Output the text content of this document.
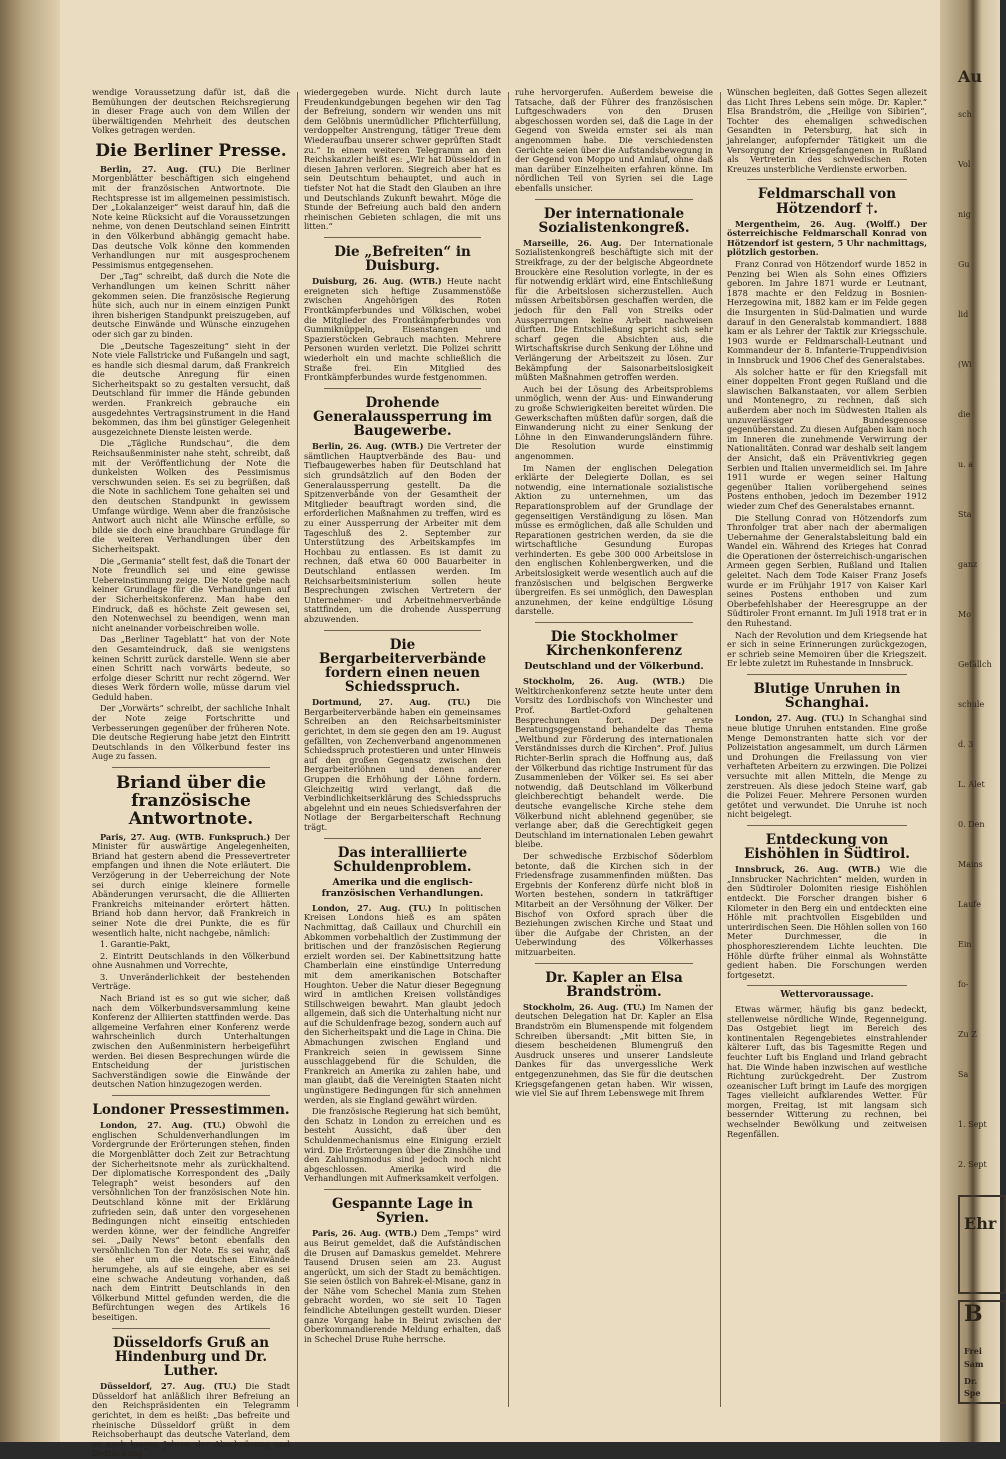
wendige Voraussetzung dafür ist, daß die Bemühungen der deutschen Reichsregierung in dieser Frage auch von dem Willen der überwältigenden Mehrheit des deutschen Volkes getragen werden.

Die Berliner Presse.

Berlin, 27. Aug. (TU.) Die Berliner Morgenblätter beschäftigen sich eingehend mit der französischen Antwortnote. Die Rechtspresse ist im allgemeinen pessimistisch. Der „Lokalanzeiger“ weist darauf hin, daß die Note keine Rücksicht auf die Voraussetzungen nehme, von denen Deutschland seinen Eintritt in den Völkerbund abhängig gemacht habe. Das deutsche Volk könne den kommenden Verhandlungen nur mit ausgesprochenem Pessimismus entgegensehen.

Der „Tag“ schreibt, daß durch die Note die Verhandlungen um keinen Schritt näher gekommen seien. Die französische Regierung hüte sich, auch nur in einem einzigen Punkt ihren bisherigen Standpunkt preiszugeben, auf deutsche Einwände und Wünsche einzugehen oder sich gar zu binden.

Die „Deutsche Tageszeitung“ sieht in der Note viele Fallstricke und Fußangeln und sagt, es handle sich diesmal darum, daß Frankreich die deutsche Anregung für einen Sicherheitspakt so zu gestalten versucht, daß Deutschland für immer die Hände gebunden werden. Frankreich gebrauche ein ausgedehntes Vertragsinstrument in die Hand bekommen, das ihm bei günstiger Gelegenheit ausgezeichnete Dienste leisten werde.

Die „Tägliche Rundschau“, die dem Reichsaußenminister nahe steht, schreibt, daß mit der Veröffentlichung der Note die dunkelsten Wolken des Pessimismus verschwunden seien. Es sei zu begrüßen, daß die Note in sachlichem Tone gehalten sei und den deutschen Standpunkt in gewissem Umfange würdige. Wenn aber die französische Antwort auch nicht alle Wünsche erfülle, so bilde sie doch eine brauchbare Grundlage für die weiteren Verhandlungen über den Sicherheitspakt.

Die „Germania“ stellt fest, daß die Tonart der Note freundlich sei und eine gewisse Uebereinstimmung zeige. Die Note gebe nach keiner Grundlage für die Verhandlungen auf der Sicherheitskonferenz. Man habe den Eindruck, daß es höchste Zeit gewesen sei, den Notenwechsel zu beendigen, wenn man nicht aneinander vorbeischreiben wolle.

Das „Berliner Tageblatt“ hat von der Note den Gesamteindruck, daß sie wenigstens keinen Schritt zurück darstelle. Wenn sie aber einen Schritt nach vorwärts bedeute, so erfolge dieser Schritt nur recht zögernd. Wer dieses Werk fördern wolle, müsse darum viel Geduld haben.

Der „Vorwärts“ schreibt, der sachliche Inhalt der Note zeige Fortschritte und Verbesserungen gegenüber der früheren Note. Die deutsche Regierung habe jetzt den Eintritt Deutschlands in den Völkerbund fester ins Auge zu fassen.

Briand über die französische Antwortnote.

Paris, 27. Aug. (WTB. Funkspruch.) Der Minister für auswärtige Angelegenheiten, Briand hat gestern abend die Pressevertreter empfangen und ihnen die Note erläutert. Die Verzögerung in der Ueberreichung der Note sei durch einige kleinere formelle Abänderungen verursacht, die die Alliierten Frankreichs miteinander erörtert hätten. Briand hob dann hervor, daß Frankreich in seiner Note die drei Punkte, die es für wesentlich halte, nicht nachgebe, nämlich:

1. Garantie-Pakt,

2. Eintritt Deutschlands in den Völkerbund ohne Ausnahmen und Vorrechte,

3. Unveränderlichkeit der bestehenden Verträge.

Nach Briand ist es so gut wie sicher, daß nach dem Völkerbundsversammlung keine Konferenz der Alliierten stattfinden werde. Das allgemeine Verfahren einer Konferenz werde wahrscheinlich durch Unterhaltungen zwischen den Außenministern herbeigeführt werden. Bei diesen Besprechungen würde die Entscheidung der juristischen Sachverständigen sowie die Einwände der deutschen Nation hinzugezogen werden.

Londoner Pressestimmen.

London, 27. Aug. (TU.) Obwohl die englischen Schuldenverhandlungen im Vordergrunde der Erörterungen stehen, finden die Morgenblätter doch Zeit zur Betrachtung der Sicherheitsnote mehr als zurückhaltend. Der diplomatische Korrespondent des „Daily Telegraph“ weist besonders auf den versöhnlichen Ton der französischen Note hin. Deutschland könne mit der Erklärung zufrieden sein, daß unter den vorgesehenen Bedingungen nicht einseitig entschieden werden könne, wer der feindliche Angreifer sei. „Daily News“ betont ebenfalls den versöhnlichen Ton der Note. Es sei wahr, daß sie eher um die deutschen Einwände herumgehe, als auf sie eingehe, aber es sei eine schwache Andeutung vorhanden, daß nach dem Eintritt Deutschlands in den Völkerbund Mittel gefunden werden, die die Befürchtungen wegen des Artikels 16 beseitigen.

Düsseldorfs Gruß an Hindenburg und Dr. Luther.

Düsseldorf, 27. Aug. (TU.) Die Stadt Düsseldorf hat anläßlich ihrer Befreiung an den Reichspräsidenten ein Telegramm gerichtet, in dem es heißt: „Das befreite und rheinische Düsseldorf grüßt in dem Reichsoberhaupt das deutsche Vaterland, dem es nach langen Jahren der Abschnürung und Bedrückung

wiedergegeben wurde. Nicht durch laute Freudenkundgebungen begehen wir den Tag der Befreiung, sondern wir wenden uns mit dem Gelöbnis unermüdlicher Pflichterfüllung, verdoppelter Anstrengung, tätiger Treue dem Wiederaufbau unserer schwer geprüften Stadt zu.“ In einem weiteren Telegramm an den Reichskanzler heißt es: „Wir hat Düsseldorf in diesen Jahren verloren. Siegreich aber hat es sein Deutschtum behauptet, und auch in tiefster Not hat die Stadt den Glauben an ihre und Deutschlands Zukunft bewahrt. Möge die Stunde der Befreiung auch bald den andern rheinischen Gebieten schlagen, die mit uns litten.“

Die „Befreiten“ in Duisburg.

Duisburg, 26. Aug. (WTB.) Heute nacht ereigneten sich heftige Zusammenstöße zwischen Angehörigen des Roten Frontkämpferbundes und Völkischen, wobei die Mitglieder des Frontkämpferbundes von Gummiknüppeln, Eisenstangen und Spazierstöcken Gebrauch machten. Mehrere Personen wurden verletzt. Die Polizei schritt wiederholt ein und machte schließlich die Straße frei. Ein Mitglied des Frontkämpferbundes wurde festgenommen.

Drohende Generalaussperrung im Baugewerbe.

Berlin, 26. Aug. (WTB.) Die Vertreter der sämtlichen Hauptverbände des Bau- und Tiefbaugewerbes haben für Deutschland hat sich grundsätzlich auf den Boden der Generalaussperrung gestellt. Da die Spitzenverbände von der Gesamtheit der Mitglieder beauftragt worden sind, die erforderlichen Maßnahmen zu treffen, wird es zu einer Aussperrung der Arbeiter mit dem Tageschluß des 2. September zur Unterstützung des Arbeitskampfes im Hochbau zu entlassen. Es ist damit zu rechnen, daß etwa 60 000 Bauarbeiter in Deutschland entlassen werden. Im Reichsarbeitsministerium sollen heute Besprechungen zwischen Vertretern der Unternehmer- und Arbeitnehmerverbände stattfinden, um die drohende Aussperrung abzuwenden.

Die Bergarbeiterverbände fordern einen neuen Schiedsspruch.

Dortmund, 27. Aug. (TU.) Die Bergarbeiterverbände haben ein gemeinsames Schreiben an den Reichsarbeitsminister gerichtet, in dem sie gegen den am 19. August gefällten, von Zechenverband angenommenen Schiedsspruch protestieren und unter Hinweis auf den großen Gegensatz zwischen den Bergarbeiterlöhnen und denen anderer Gruppen die Erhöhung der Löhne fordern. Gleichzeitig wird verlangt, daß die Verbindlichkeitserklärung des Schiedsspruchs abgelehnt und ein neues Schiedsverfahren der Notlage der Bergarbeiterschaft Rechnung trägt.

Das interalliierte Schuldenproblem.
Amerika und die englisch-französischen Verhandlungen.

London, 27. Aug. (TU.) In politischen Kreisen Londons hieß es am späten Nachmittag, daß Caillaux und Churchill ein Abkommen vorbehaltlich der Zustimmung der britischen und der französischen Regierung erzielt worden sei. Der Kabinettsitzung hatte Chamberlain eine einstündige Unterredung mit dem amerikanischen Botschafter Houghton. Ueber die Natur dieser Begegnung wird in amtlichen Kreisen vollständiges Stillschweigen bewahrt. Man glaubt jedoch allgemein, daß sich die Unterhaltung nicht nur auf die Schuldenfrage bezog, sondern auch auf den Sicherheitspakt und die Lage in China. Die Abmachungen zwischen England und Frankreich seien in gewissem Sinne ausschlaggebend für die Schulden, die Frankreich an Amerika zu zahlen habe, und man glaubt, daß die Vereinigten Staaten nicht ungünstigere Bedingungen für sich annehmen werden, als sie England gewährt würden.

Die französische Regierung hat sich bemüht, den Schatz in London zu erreichen und es besteht Aussicht, daß über den Schuldenmechanismus eine Einigung erzielt wird. Die Erörterungen über die Zinshöhe und den Zahlungsmodus sind jedoch noch nicht abgeschlossen. Amerika wird die Verhandlungen mit Aufmerksamkeit verfolgen.

Gespannte Lage in Syrien.

Paris, 26. Aug. (WTB.) Dem „Temps“ wird aus Beirut gemeldet, daß die Aufständischen die Drusen auf Damaskus gemeldet. Mehrere Tausend Drusen seien am 23. August angerückt, um sich der Stadt zu bemächtigen. Sie seien östlich von Bahrek-el-Misane, ganz in der Nähe vom Schechel Mania zum Stehen gebracht worden, wo sie seit 10 Tagen feindliche Abteilungen gestellt wurden. Dieser ganze Vorgang habe in Beirut zwischen der Oberkommandierende Meldung erhalten, daß in Schechel Druse Ruhe herrsche.

ruhe hervorgerufen. Außerdem beweise die Tatsache, daß der Führer des französischen Luftgeschwaders von den Drusen abgeschossen worden sei, daß die Lage in der Gegend von Sweida ernster sei als man angenommen habe. Die verschiedensten Gerüchte seien über die Aufstandsbewegung in der Gegend von Moppo und Amlauf, ohne daß man darüber Einzelheiten erfahren könne. Im nördlichen Teil von Syrien sei die Lage ebenfalls unsicher.

Der internationale Sozialistenkongreß.

Marseille, 26. Aug. Der Internationale Sozialistenkongreß beschäftigte sich mit der Streikfrage, zu der der belgische Abgeordnete Brouckère eine Resolution vorlegte, in der es für notwendig erklärt wird, eine Entschließung für die Arbeitslosen sicherzustellen. Auch müssen Arbeitsbörsen geschaffen werden, die jedoch für den Fall von Streiks oder Aussperrungen keine Arbeit nachweisen dürften. Die Entschließung spricht sich sehr scharf gegen die Absichten aus, die Wirtschaftskrise durch Senkung der Löhne und Verlängerung der Arbeitszeit zu lösen. Zur Bekämpfung der Saisonarbeitslosigkeit müßten Maßnahmen getroffen werden.

Auch bei der Lösung des Arbeitsproblems unmöglich, wenn der Aus- und Einwanderung zu große Schwierigkeiten bereitet würden. Die Gewerkschaften müßten dafür sorgen, daß die Einwanderung nicht zu einer Senkung der Löhne in den Einwanderungsländern führe. Die Resolution wurde einstimmig angenommen.

Im Namen der englischen Delegation erklärte der Delegierte Dollan, es sei notwendig, eine internationale sozialistische Aktion zu unternehmen, um das Reparationsproblem auf der Grundlage der gegenseitigen Verständigung zu lösen. Man müsse es ermöglichen, daß alle Schulden und Reparationen gestrichen werden, da sie die wirtschaftliche Gesundung Europas verhinderten. Es gebe 300 000 Arbeitslose in den englischen Kohlenbergwerken, und die Arbeitslosigkeit werde wesentlich auch auf die französischen und belgischen Bergwerke übergreifen. Es sei unmöglich, den Dawesplan anzunehmen, der keine endgültige Lösung darstelle.

Die Stockholmer Kirchenkonferenz
Deutschland und der Völkerbund.

Stockholm, 26. Aug. (WTB.) Die Weltkirchenkonferenz setzte heute unter dem Vorsitz des Lordbischofs von Winchester und Prof. Bartlet-Oxford gehaltenen Besprechungen fort. Der erste Beratungsgegenstand behandelte das Thema „Weltbund zur Förderung des internationalen Verständnisses durch die Kirchen“. Prof. Julius Richter-Berlin sprach die Hoffnung aus, daß der Völkerbund das richtige Instrument für das Zusammenleben der Völker sei. Es sei aber notwendig, daß Deutschland im Völkerbund gleichberechtigt behandelt werde. Die deutsche evangelische Kirche stehe dem Völkerbund nicht ablehnend gegenüber, sie verlange aber, daß die Gerechtigkeit gegen Deutschland im internationalen Leben gewahrt bleibe.

Der schwedische Erzbischof Söderblom betonte, daß die Kirchen sich in der Friedensfrage zusammenfinden müßten. Das Ergebnis der Konferenz dürfe nicht bloß in Worten bestehen, sondern in tatkräftiger Mitarbeit an der Versöhnung der Völker. Der Bischof von Oxford sprach über die Beziehungen zwischen Kirche und Staat und über die Aufgabe der Christen, an der Ueberwindung des Völkerhasses mitzuarbeiten.

Dr. Kapler an Elsa Brandström.

Stockholm, 26. Aug. (TU.) Im Namen der deutschen Delegation hat Dr. Kapler an Elsa Brandström ein Blumenspende mit folgendem Schreiben übersandt: „Mit bitten Sie, in diesem bescheidenen Blumengruß den Ausdruck unseres und unserer Landsleute Dankes für das unvergessliche Werk entgegenzunehmen, das Sie für die deutschen Kriegsgefangenen getan haben. Wir wissen, wie viel Sie auf Ihrem Lebenswege mit Ihrem

Wünschen begleiten, daß Gottes Segen allezeit das Licht Ihres Lebens sein möge. Dr. Kapler.“ Elsa Brandström, die „Heilige von Sibirien“, Tochter des ehemaligen schwedischen Gesandten in Petersburg, hat sich in jahrelanger, aufopfernder Tätigkeit um die Versorgung der Kriegsgefangenen in Rußland als Vertreterin des schwedischen Roten Kreuzes unsterbliche Verdienste erworben.

Feldmarschall von Hötzendorf †.

Mergentheim, 26. Aug. (Wolff.) Der österreichische Feldmarschall Konrad von Hötzendorf ist gestern, 5 Uhr nachmittags, plötzlich gestorben.

Franz Conrad von Hötzendorf wurde 1852 in Penzing bei Wien als Sohn eines Offiziers geboren. Im Jahre 1871 wurde er Leutnant, 1878 machte er den Feldzug in Bosnien-Herzegowina mit, 1882 kam er im Felde gegen die Insurgenten in Süd-Dalmatien und wurde darauf in den Generalstab kommandiert. 1888 kam er als Lehrer der Taktik zur Kriegsschule. 1903 wurde er Feldmarschall-Leutnant und Kommandeur der 8. Infanterie-Truppendivision in Innsbruck und 1906 Chef des Generalstabes.

Als solcher hatte er für den Kriegsfall mit einer doppelten Front gegen Rußland und die slawischen Balkanstaaten, vor allem Serbien und Montenegro, zu rechnen, daß sich außerdem aber noch im Südwesten Italien als unzuverlässiger Bundesgenosse gegenüberstand. Zu diesen Aufgaben kam noch im Inneren die zunehmende Verwirrung der Nationalitäten. Conrad war deshalb seit langem der Ansicht, daß ein Präventivkrieg gegen Serbien und Italien unvermeidlich sei. Im Jahre 1911 wurde er wegen seiner Haltung gegenüber Italien vorübergehend seines Postens enthoben, jedoch im Dezember 1912 wieder zum Chef des Generalstabes ernannt.

Die Stellung Conrad von Hötzendorfs zum Thronfolger trat aber nach der abermaligen Uebernahme der Generalstabsleitung bald ein Wandel ein. Während des Krieges hat Conrad die Operationen der österreichisch-ungarischen Armeen gegen Serbien, Rußland und Italien geleitet. Nach dem Tode Kaiser Franz Josefs wurde er im Frühjahr 1917 von Kaiser Karl seines Postens enthoben und zum Oberbefehlshaber der Heeresgruppe an der Südtiroler Front ernannt. Im Juli 1918 trat er in den Ruhestand.

Nach der Revolution und dem Kriegsende hat er sich in seine Erinnerungen zurückgezogen, er schrieb seine Memoiren über die Kriegszeit. Er lebte zuletzt im Ruhestande in Innsbruck.

Blutige Unruhen in Schanghai.

London, 27. Aug. (TU.) In Schanghai sind neue blutige Unruhen entstanden. Eine große Menge Demonstranten hatte sich vor der Polizeistation angesammelt, um durch Lärmen und Drohungen die Freilassung von vier verhafteten Arbeitern zu erzwingen. Die Polizei versuchte mit allen Mitteln, die Menge zu zerstreuen. Als diese jedoch Steine warf, gab die Polizei Feuer. Mehrere Personen wurden getötet und verwundet. Die Unruhe ist noch nicht beigelegt.

Entdeckung von Eishöhlen in Südtirol.

Innsbruck, 26. Aug. (WTB.) Wie die „Innsbrucker Nachrichten“ melden, wurden in den Südtiroler Dolomiten riesige Eishöhlen entdeckt. Die Forscher drangen bisher 6 Kilometer in den Berg ein und entdeckten eine Höhle mit prachtvollen Eisgebilden und unterirdischen Seen. Die Höhlen sollen von 160 Meter Durchmesser, die in phosphoreszierendem Lichte leuchten. Die Höhle dürfte früher einmal als Wohnstätte gedient haben. Die Forschungen werden fortgesetzt.

Wettervoraussage.

Etwas wärmer, häufig bis ganz bedeckt, stellenweise nördliche Winde, Regenneigung. Das Ostgebiet liegt im Bereich des kontinentalen Regengebietes einstrahlender kälterer Luft, das bis Tagesmitte Regen und feuchter Luft bis England und Irland gebracht hat. Die Winde haben inzwischen auf westliche Richtung zurückgedreht. Der Zustrom ozeanischer Luft bringt im Laufe des morgigen Tages vielleicht aufklarendes Wetter. Für morgen, Freitag, ist mit langsam sich bessernder Witterung zu rechnen, bei wechselnder Bewölkung und zeitweisen Regenfällen.

Au
sch
Vol
nig
Gu
lid
(Wi
die
u. a
Sta
ganz
Mo
Gefällch
schule
d. 3
L. Alet
0. Den
Mains
Laufe
Ein
fo-
Zu Z
Sa
1. Sept
2. Sept
Ehr
B
Frei
Sam
Dr.
Spe
